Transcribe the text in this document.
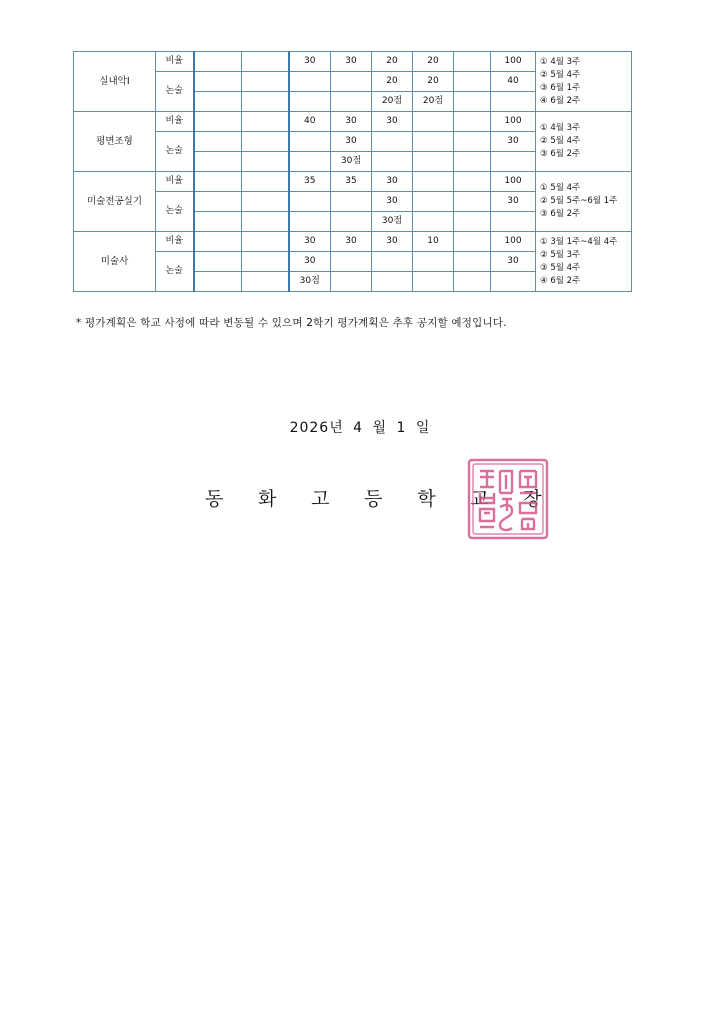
실내악Ⅰ	비율			30	30	20	20		100	① 4월 3주
② 5월 4주
③ 6월 1주
④ 6월 2주

	논술					20	20		40	
						20점	20점			
평면조형	비율			40	30	30			100	① 4월 3주
② 5월 4주
③ 6월 2주

	논술				30				30	
					30점					
미술전공실기	비율			35	35	30			100	① 5월 4주
② 5월 5주~6월 1주
③ 6월 2주

	논술					30			30	
						30점				
미술사	비율			30	30	30	10		100	① 3월 1주~4월 4주
② 5월 3주
③ 5월 4주
④ 6월 2주

	논술			30					30	
				30점						
* 평가계획은 학교 사정에 따라 변동될 수 있으며 2학기 평가계획은 추후 공지할 예정입니다.
2026년 4 월 1 일
동 화 고 등 학 교 장
